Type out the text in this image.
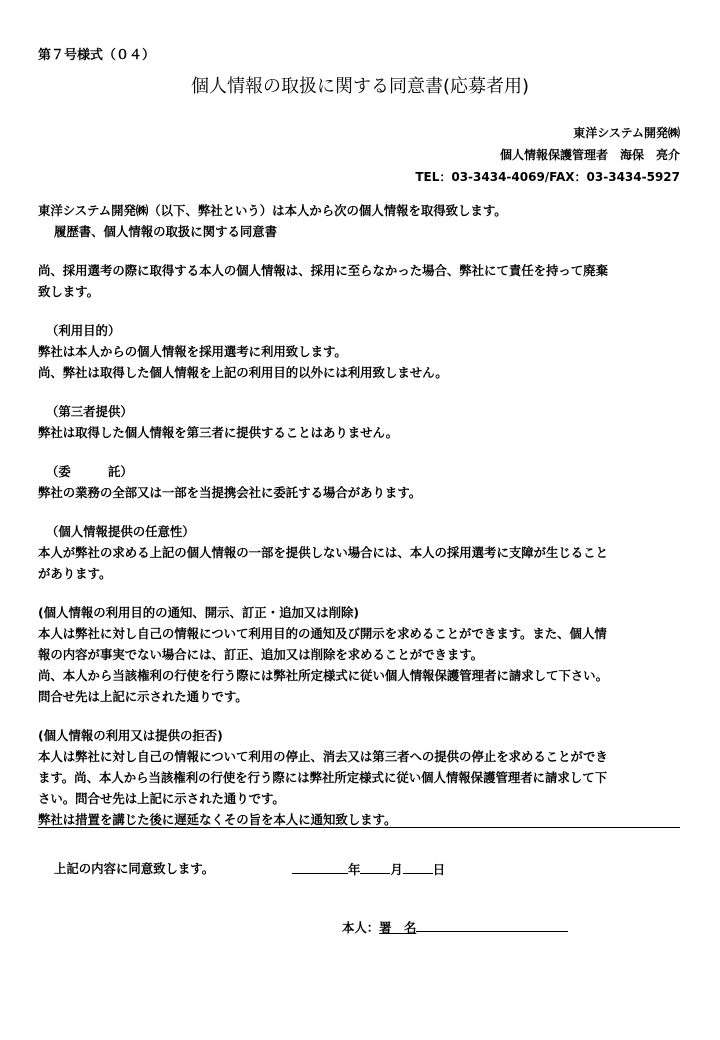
第７号様式（０４）
個人情報の取扱に関する同意書(応募者用)
東洋システム開発㈱
個人情報保護管理者　海保　亮介
TEL：03-3434-4069/FAX：03-3434-5927

東洋システム開発㈱（以下、弊社という）は本人から次の個人情報を取得致します。

履歴書、個人情報の取扱に関する同意書

尚、採用選考の際に取得する本人の個人情報は、採用に至らなかった場合、弊社にて責任を持って廃棄

致します。

（利用目的）

弊社は本人からの個人情報を採用選考に利用致します。

尚、弊社は取得した個人情報を上記の利用目的以外には利用致しません。

（第三者提供）

弊社は取得した個人情報を第三者に提供することはありません。

（委　　　託）

弊社の業務の全部又は一部を当提携会社に委託する場合があります。

（個人情報提供の任意性）

本人が弊社の求める上記の個人情報の一部を提供しない場合には、本人の採用選考に支障が生じること

があります。

(個人情報の利用目的の通知、開示、訂正・追加又は削除)

本人は弊社に対し自己の情報について利用目的の通知及び開示を求めることができます。また、個人情

報の内容が事実でない場合には、訂正、追加又は削除を求めることができます。

尚、本人から当該権利の行使を行う際には弊社所定様式に従い個人情報保護管理者に請求して下さい。

問合せ先は上記に示された通りです。

(個人情報の利用又は提供の拒否)

本人は弊社に対し自己の情報について利用の停止、消去又は第三者への提供の停止を求めることができ

ます。尚、本人から当該権利の行使を行う際には弊社所定様式に従い個人情報保護管理者に請求して下

さい。問合せ先は上記に示された通りです。

弊社は措置を講じた後に遅延なくその旨を本人に通知致します。

上記の内容に同意致します。	年 月 日
本人：署　名
